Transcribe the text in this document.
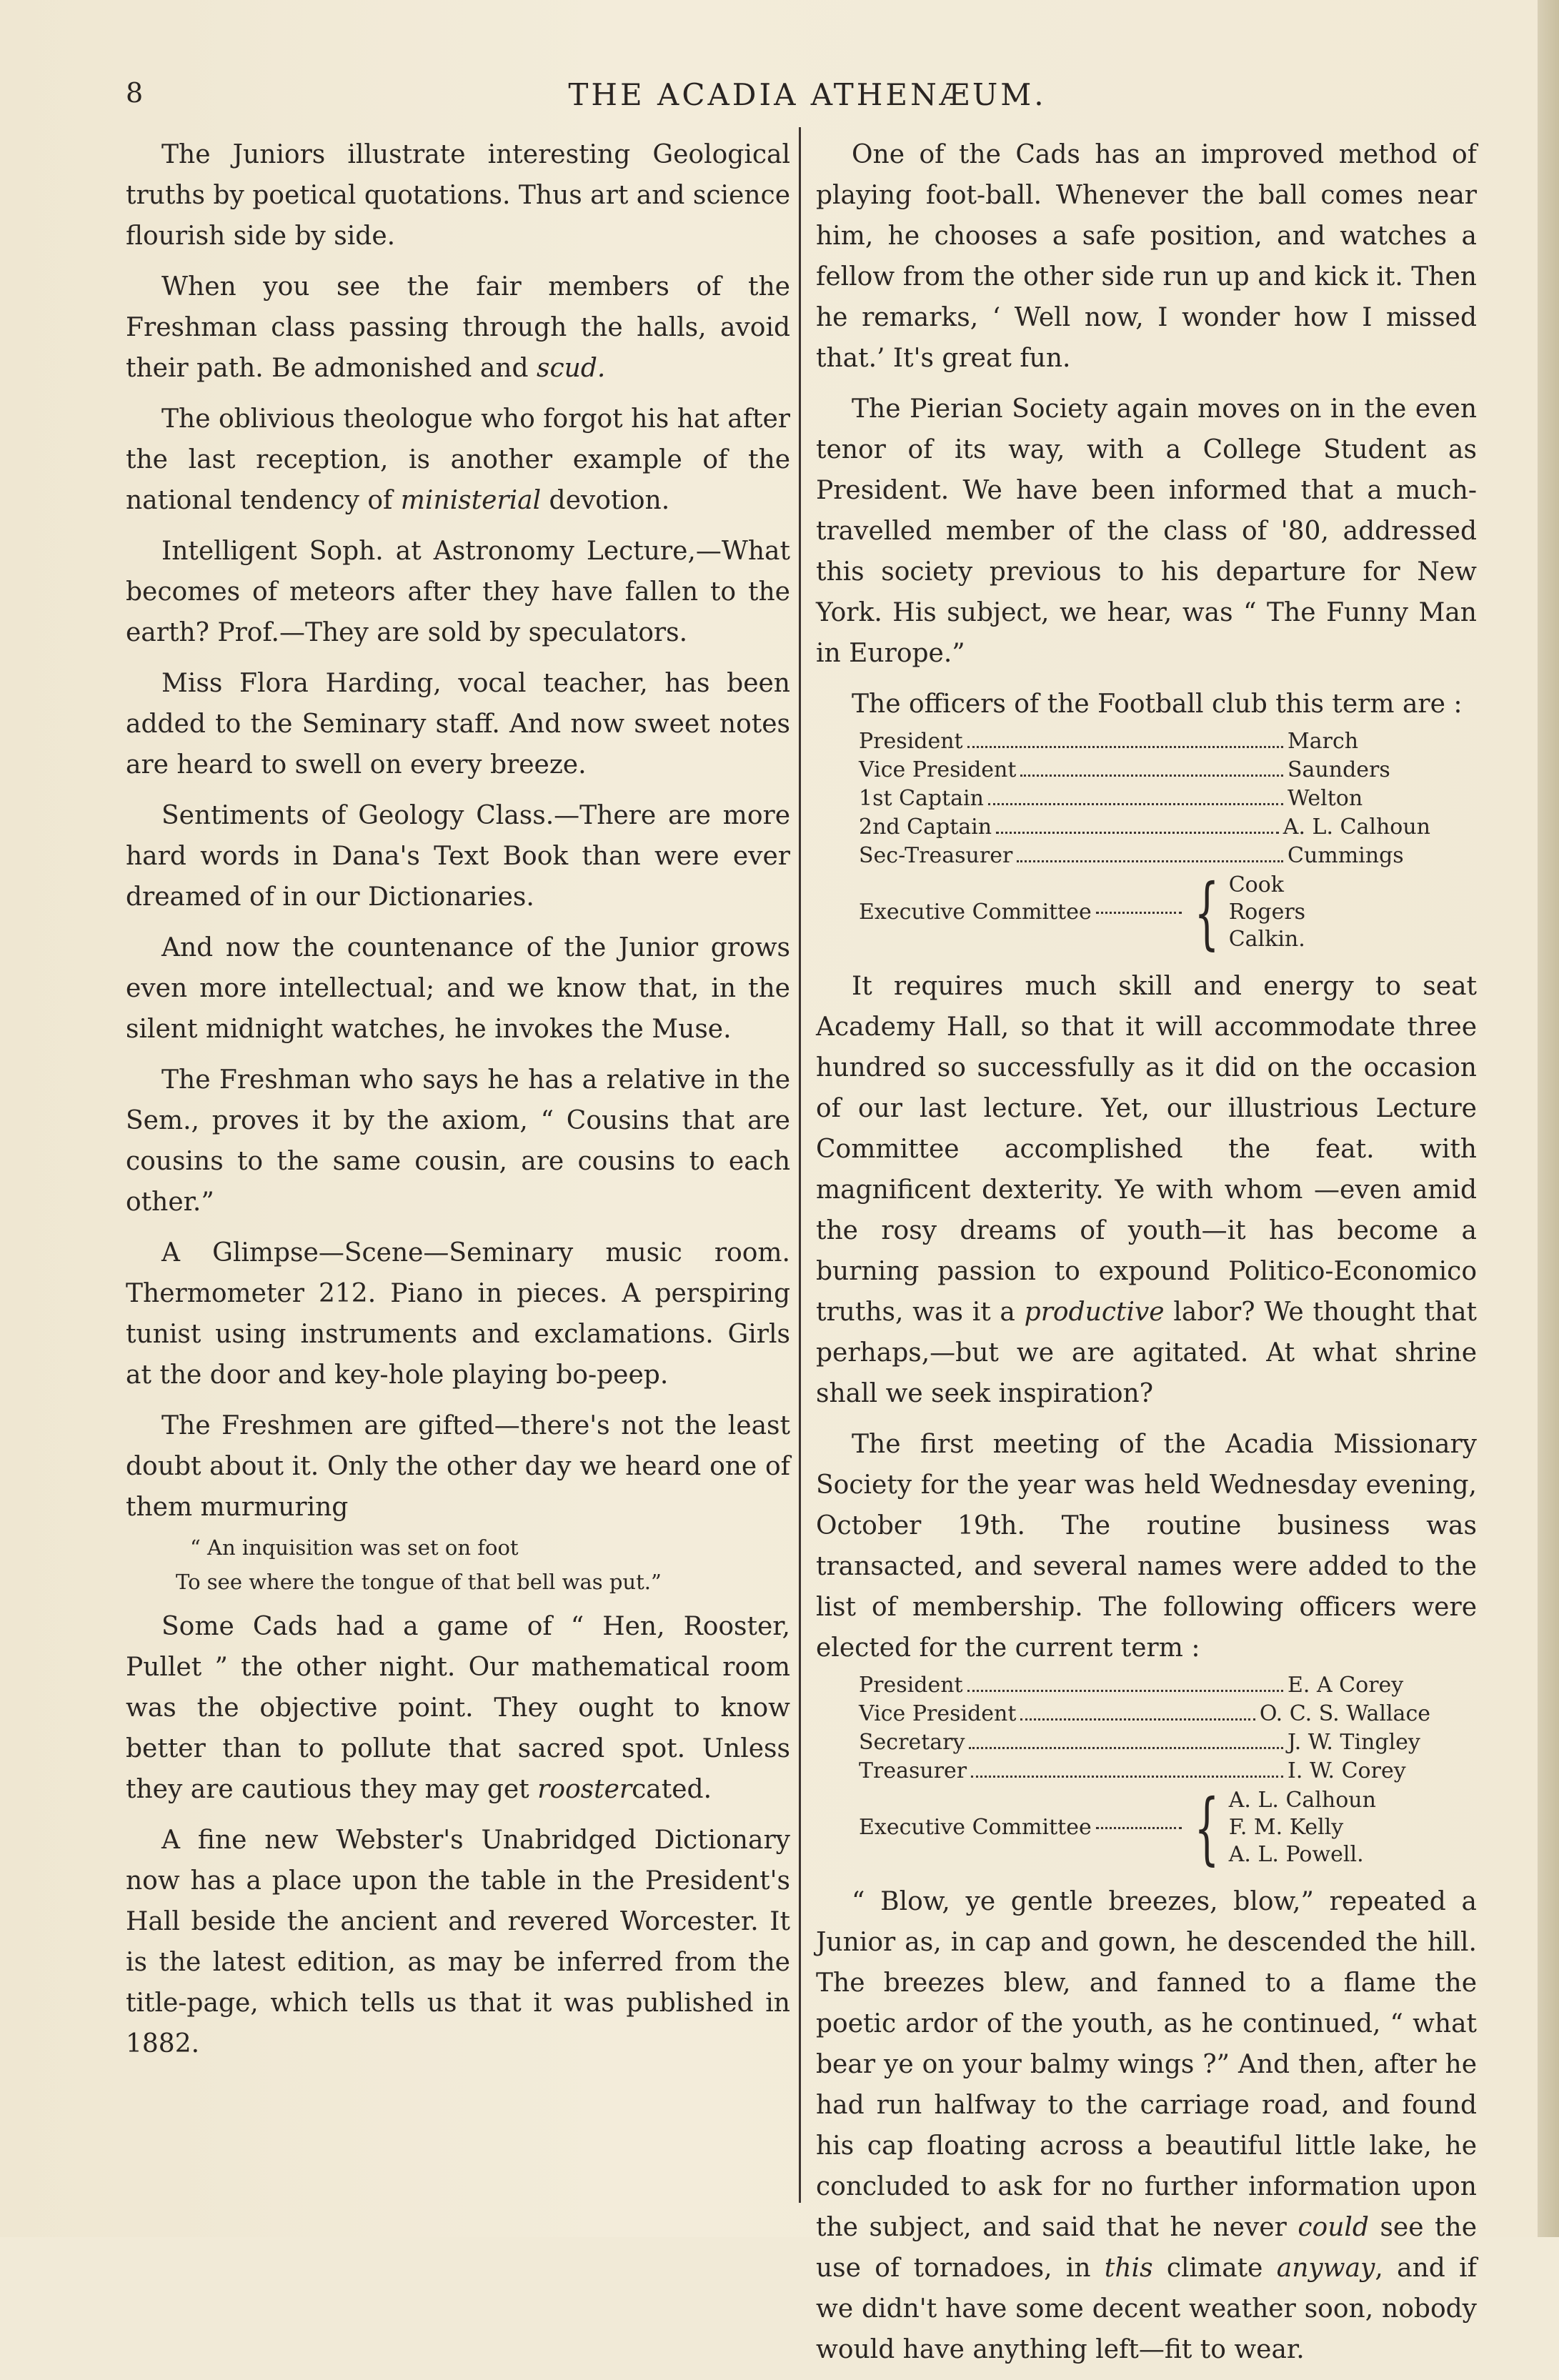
8	THE ACADIA ATHENÆUM.

The Juniors illustrate interesting Geological truths by poetical quotations. Thus art and science flourish side by side.

When you see the fair members of the Freshman class passing through the halls, avoid their path. Be admonished and scud.

The oblivious theologue who forgot his hat after the last reception, is another example of the national tendency of ministerial devotion.

Intelligent Soph. at Astronomy Lecture,—What becomes of meteors after they have fallen to the earth? Prof.—They are sold by speculators.

Miss Flora Harding, vocal teacher, has been added to the Seminary staff. And now sweet notes are heard to swell on every breeze.

Sentiments of Geology Class.—There are more hard words in Dana's Text Book than were ever dreamed of in our Dictionaries.

And now the countenance of the Junior grows even more intellectual; and we know that, in the silent midnight watches, he invokes the Muse.

The Freshman who says he has a relative in the Sem., proves it by the axiom, “ Cousins that are cousins to the same cousin, are cousins to each other.”

A Glimpse—Scene—Seminary music room. Thermometer 212. Piano in pieces. A perspiring tunist using instruments and exclamations. Girls at the door and key-hole playing bo-peep.

The Freshmen are gifted—there's not the least doubt about it. Only the other day we heard one of them murmuring

“ An inquisition was set on foot
To see where the tongue of that bell was put.”

Some Cads had a game of “ Hen, Rooster, Pullet ” the other night. Our mathematical room was the objective point. They ought to know better than to pollute that sacred spot. Unless they are cautious they may get roostercated.

A fine new Webster's Unabridged Dictionary now has a place upon the table in the President's Hall beside the ancient and revered Worcester. It is the latest edition, as may be inferred from the title-page, which tells us that it was published in 1882.

One of the Cads has an improved method of playing foot-ball. Whenever the ball comes near him, he chooses a safe position, and watches a fellow from the other side run up and kick it. Then he remarks, ‘ Well now, I wonder how I missed that.’ It's great fun.

The Pierian Society again moves on in the even tenor of its way, with a College Student as President. We have been informed that a much-travelled member of the class of '80, addressed this society previous to his departure for New York. His subject, we hear, was “ The Funny Man in Europe.”

The officers of the Football club this term are :

President	March
Vice President	Saunders
1st Captain	Welton
2nd Captain	A. L. Calhoun
Sec-Treasurer	Cummings
Executive Committee { Cook
Rogers
Calkin.

It requires much skill and energy to seat Academy Hall, so that it will accommodate three hundred so successfully as it did on the occasion of our last lecture. Yet, our illustrious Lecture Committee accomplished the feat. with magnificent dexterity. Ye with whom —even amid the rosy dreams of youth—it has become a burning passion to expound Politico-Economico truths, was it a productive labor? We thought that perhaps,—but we are agitated. At what shrine shall we seek inspiration?

The first meeting of the Acadia Missionary Society for the year was held Wednesday evening, October 19th. The routine business was transacted, and several names were added to the list of membership. The following officers were elected for the current term :

President	E. A Corey
Vice President	O. C. S. Wallace
Secretary	J. W. Tingley
Treasurer	I. W. Corey
Executive Committee { A. L. Calhoun
F. M. Kelly
A. L. Powell.

“ Blow, ye gentle breezes, blow,” repeated a Junior as, in cap and gown, he descended the hill. The breezes blew, and fanned to a flame the poetic ardor of the youth, as he continued, “ what bear ye on your balmy wings ?” And then, after he had run halfway to the carriage road, and found his cap floating across a beautiful little lake, he concluded to ask for no further information upon the subject, and said that he never could see the use of tornadoes, in this climate anyway, and if we didn't have some decent weather soon, nobody would have anything left—fit to wear.
